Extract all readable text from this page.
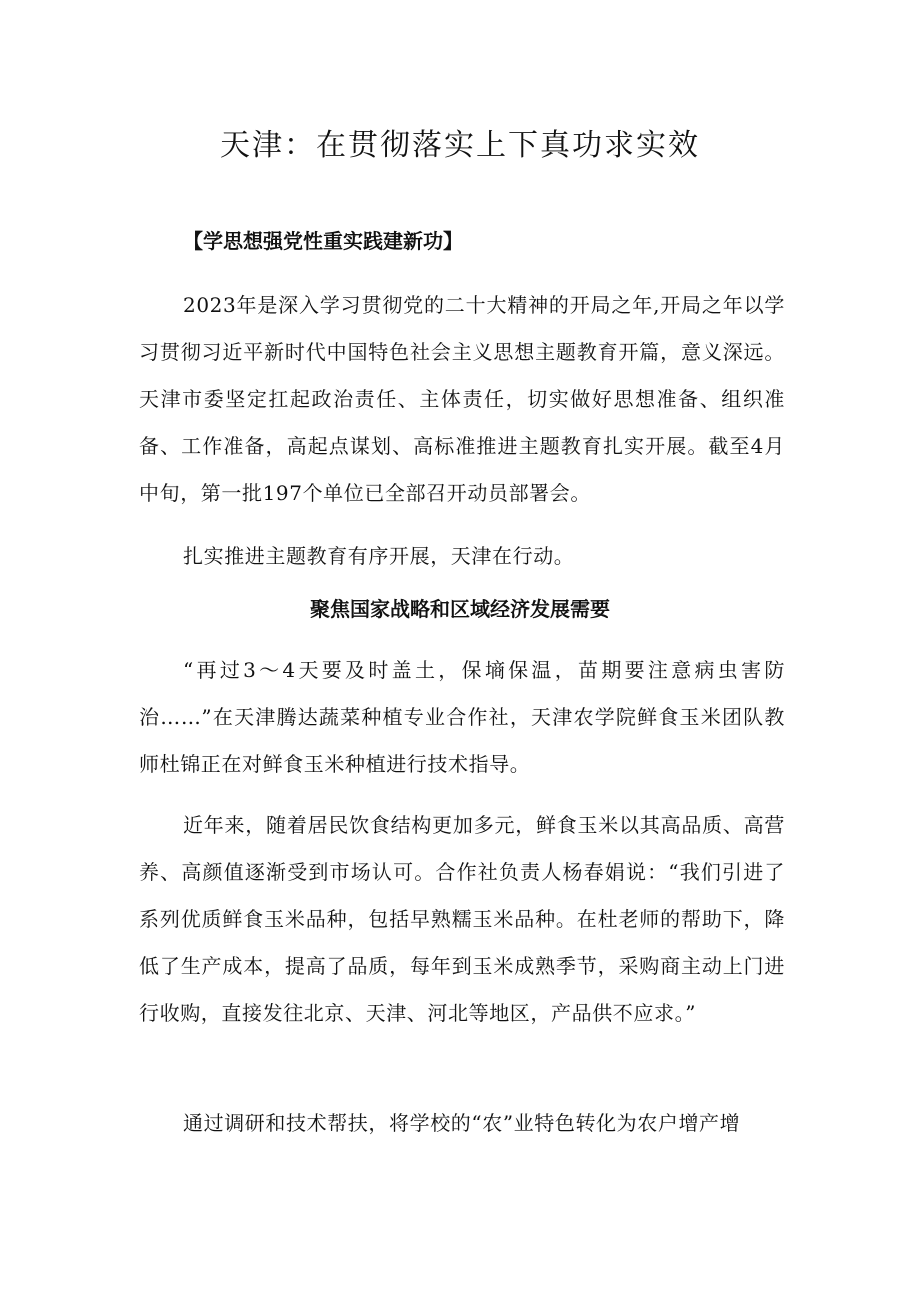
天津：在贯彻落实上下真功求实效

【学思想强党性重实践建新功】

2023年是深入学习贯彻党的二十大精神的开局之年,开局之年以学习贯彻习近平新时代中国特色社会主义思想主题教育开篇，意义深远。天津市委坚定扛起政治责任、主体责任，切实做好思想准备、组织准备、工作准备，高起点谋划、高标准推进主题教育扎实开展。截至4月中旬，第一批197个单位已全部召开动员部署会。

扎实推进主题教育有序开展，天津在行动。

聚焦国家战略和区域经济发展需要

“再过3～4天要及时盖土，保墒保温，苗期要注意病虫害防治……”在天津腾达蔬菜种植专业合作社，天津农学院鲜食玉米团队教师杜锦正在对鲜食玉米种植进行技术指导。

近年来，随着居民饮食结构更加多元，鲜食玉米以其高品质、高营养、高颜值逐渐受到市场认可。合作社负责人杨春娟说：“我们引进了系列优质鲜食玉米品种，包括早熟糯玉米品种。在杜老师的帮助下，降低了生产成本，提高了品质，每年到玉米成熟季节，采购商主动上门进行收购，直接发往北京、天津、河北等地区，产品供不应求。”

通过调研和技术帮扶，将学校的“农”业特色转化为农户增产增
